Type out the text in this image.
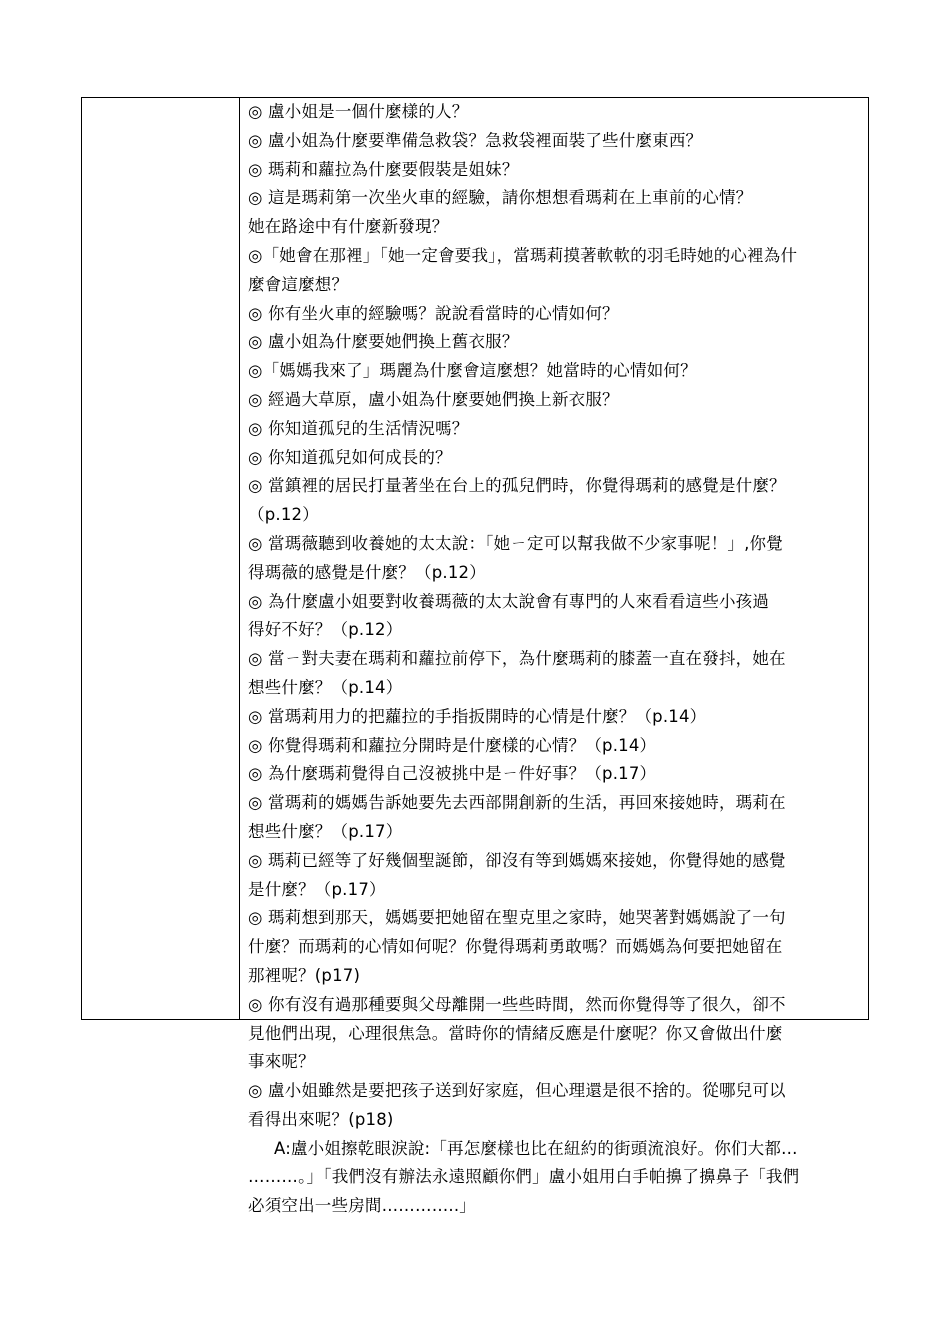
◎ 盧小姐是一個什麼樣的人？
◎ 盧小姐為什麼要準備急救袋？急救袋裡面裝了些什麼東西？
◎ 瑪莉和蘿拉為什麼要假裝是姐妹？
◎ 這是瑪莉第一次坐火車的經驗，請你想想看瑪莉在上車前的心情？
她在路途中有什麼新發現？
◎「她會在那裡」「她一定會要我」，當瑪莉摸著軟軟的羽毛時她的心裡為什
麼會這麼想？
◎ 你有坐火車的經驗嗎？說說看當時的心情如何？
◎ 盧小姐為什麼要她們換上舊衣服？
◎「媽媽我來了」瑪麗為什麼會這麼想？她當時的心情如何？
◎ 經過大草原，盧小姐為什麼要她們換上新衣服？
◎ 你知道孤兒的生活情況嗎？
◎ 你知道孤兒如何成長的？
◎ 當鎮裡的居民打量著坐在台上的孤兒們時，你覺得瑪莉的感覺是什麼？
（p.12）
◎ 當瑪薇聽到收養她的太太說：「她ㄧ定可以幫我做不少家事呢！」,你覺
得瑪薇的感覺是什麼？（p.12）
◎ 為什麼盧小姐要對收養瑪薇的太太說會有專門的人來看看這些小孩過
得好不好？（p.12）
◎ 當ㄧ對夫妻在瑪莉和蘿拉前停下，為什麼瑪莉的膝蓋一直在發抖，她在
想些什麼？（p.14）
◎ 當瑪莉用力的把蘿拉的手指扳開時的心情是什麼？（p.14）
◎ 你覺得瑪莉和蘿拉分開時是什麼樣的心情？（p.14）
◎ 為什麼瑪莉覺得自己沒被挑中是ㄧ件好事？（p.17）
◎ 當瑪莉的媽媽告訴她要先去西部開創新的生活，再回來接她時，瑪莉在
想些什麼？（p.17）
◎ 瑪莉已經等了好幾個聖誕節，卻沒有等到媽媽來接她，你覺得她的感覺
是什麼？（p.17）
◎ 瑪莉想到那天，媽媽要把她留在聖克里之家時，她哭著對媽媽說了一句
什麼？而瑪莉的心情如何呢？你覺得瑪莉勇敢嗎？而媽媽為何要把她留在
那裡呢？(p17)
◎ 你有沒有過那種要與父母離開一些些時間，然而你覺得等了很久，卻不
見他們出現，心理很焦急。當時你的情緒反應是什麼呢？你又會做出什麼
事來呢？
◎ 盧小姐雖然是要把孩子送到好家庭，但心理還是很不捨的。從哪兒可以
看得出來呢？(p18)
A:盧小姐擦乾眼淚說:「再怎麼樣也比在紐約的街頭流浪好。你们大都…
………。」「我們沒有辦法永遠照顧你們」盧小姐用白手帕擤了擤鼻子「我們
必須空出一些房間…………..」
